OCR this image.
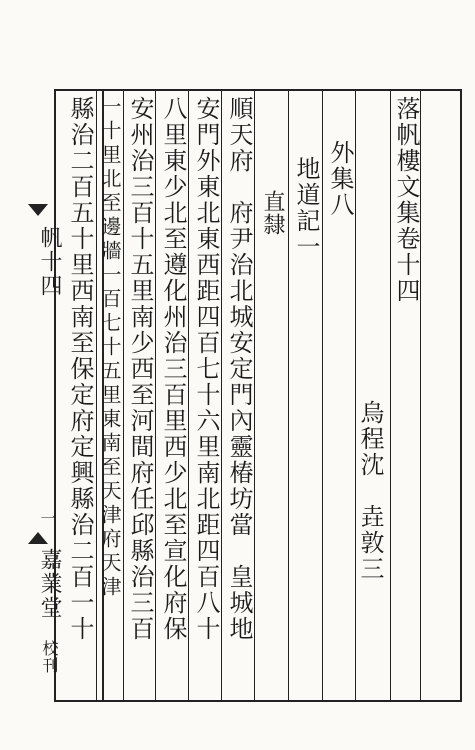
落帆樓文集卷十四
烏程沈　垚敦三
外集八
地道記一
直隸
順天府　府尹治北城安定門內靈椿坊當　皇城地
安門外東北東西距四百七十六里南北距四百八十
八里東少北至遵化州治三百里西少北至宣化府保
安州治三百十五里南少西至河間府任邱縣治三百
一十里北至邊牆一百七十五里東南至天津府天津
縣治二百五十里西南至保定府定興縣治二百一十
帆十四
一
嘉業堂
校刊
